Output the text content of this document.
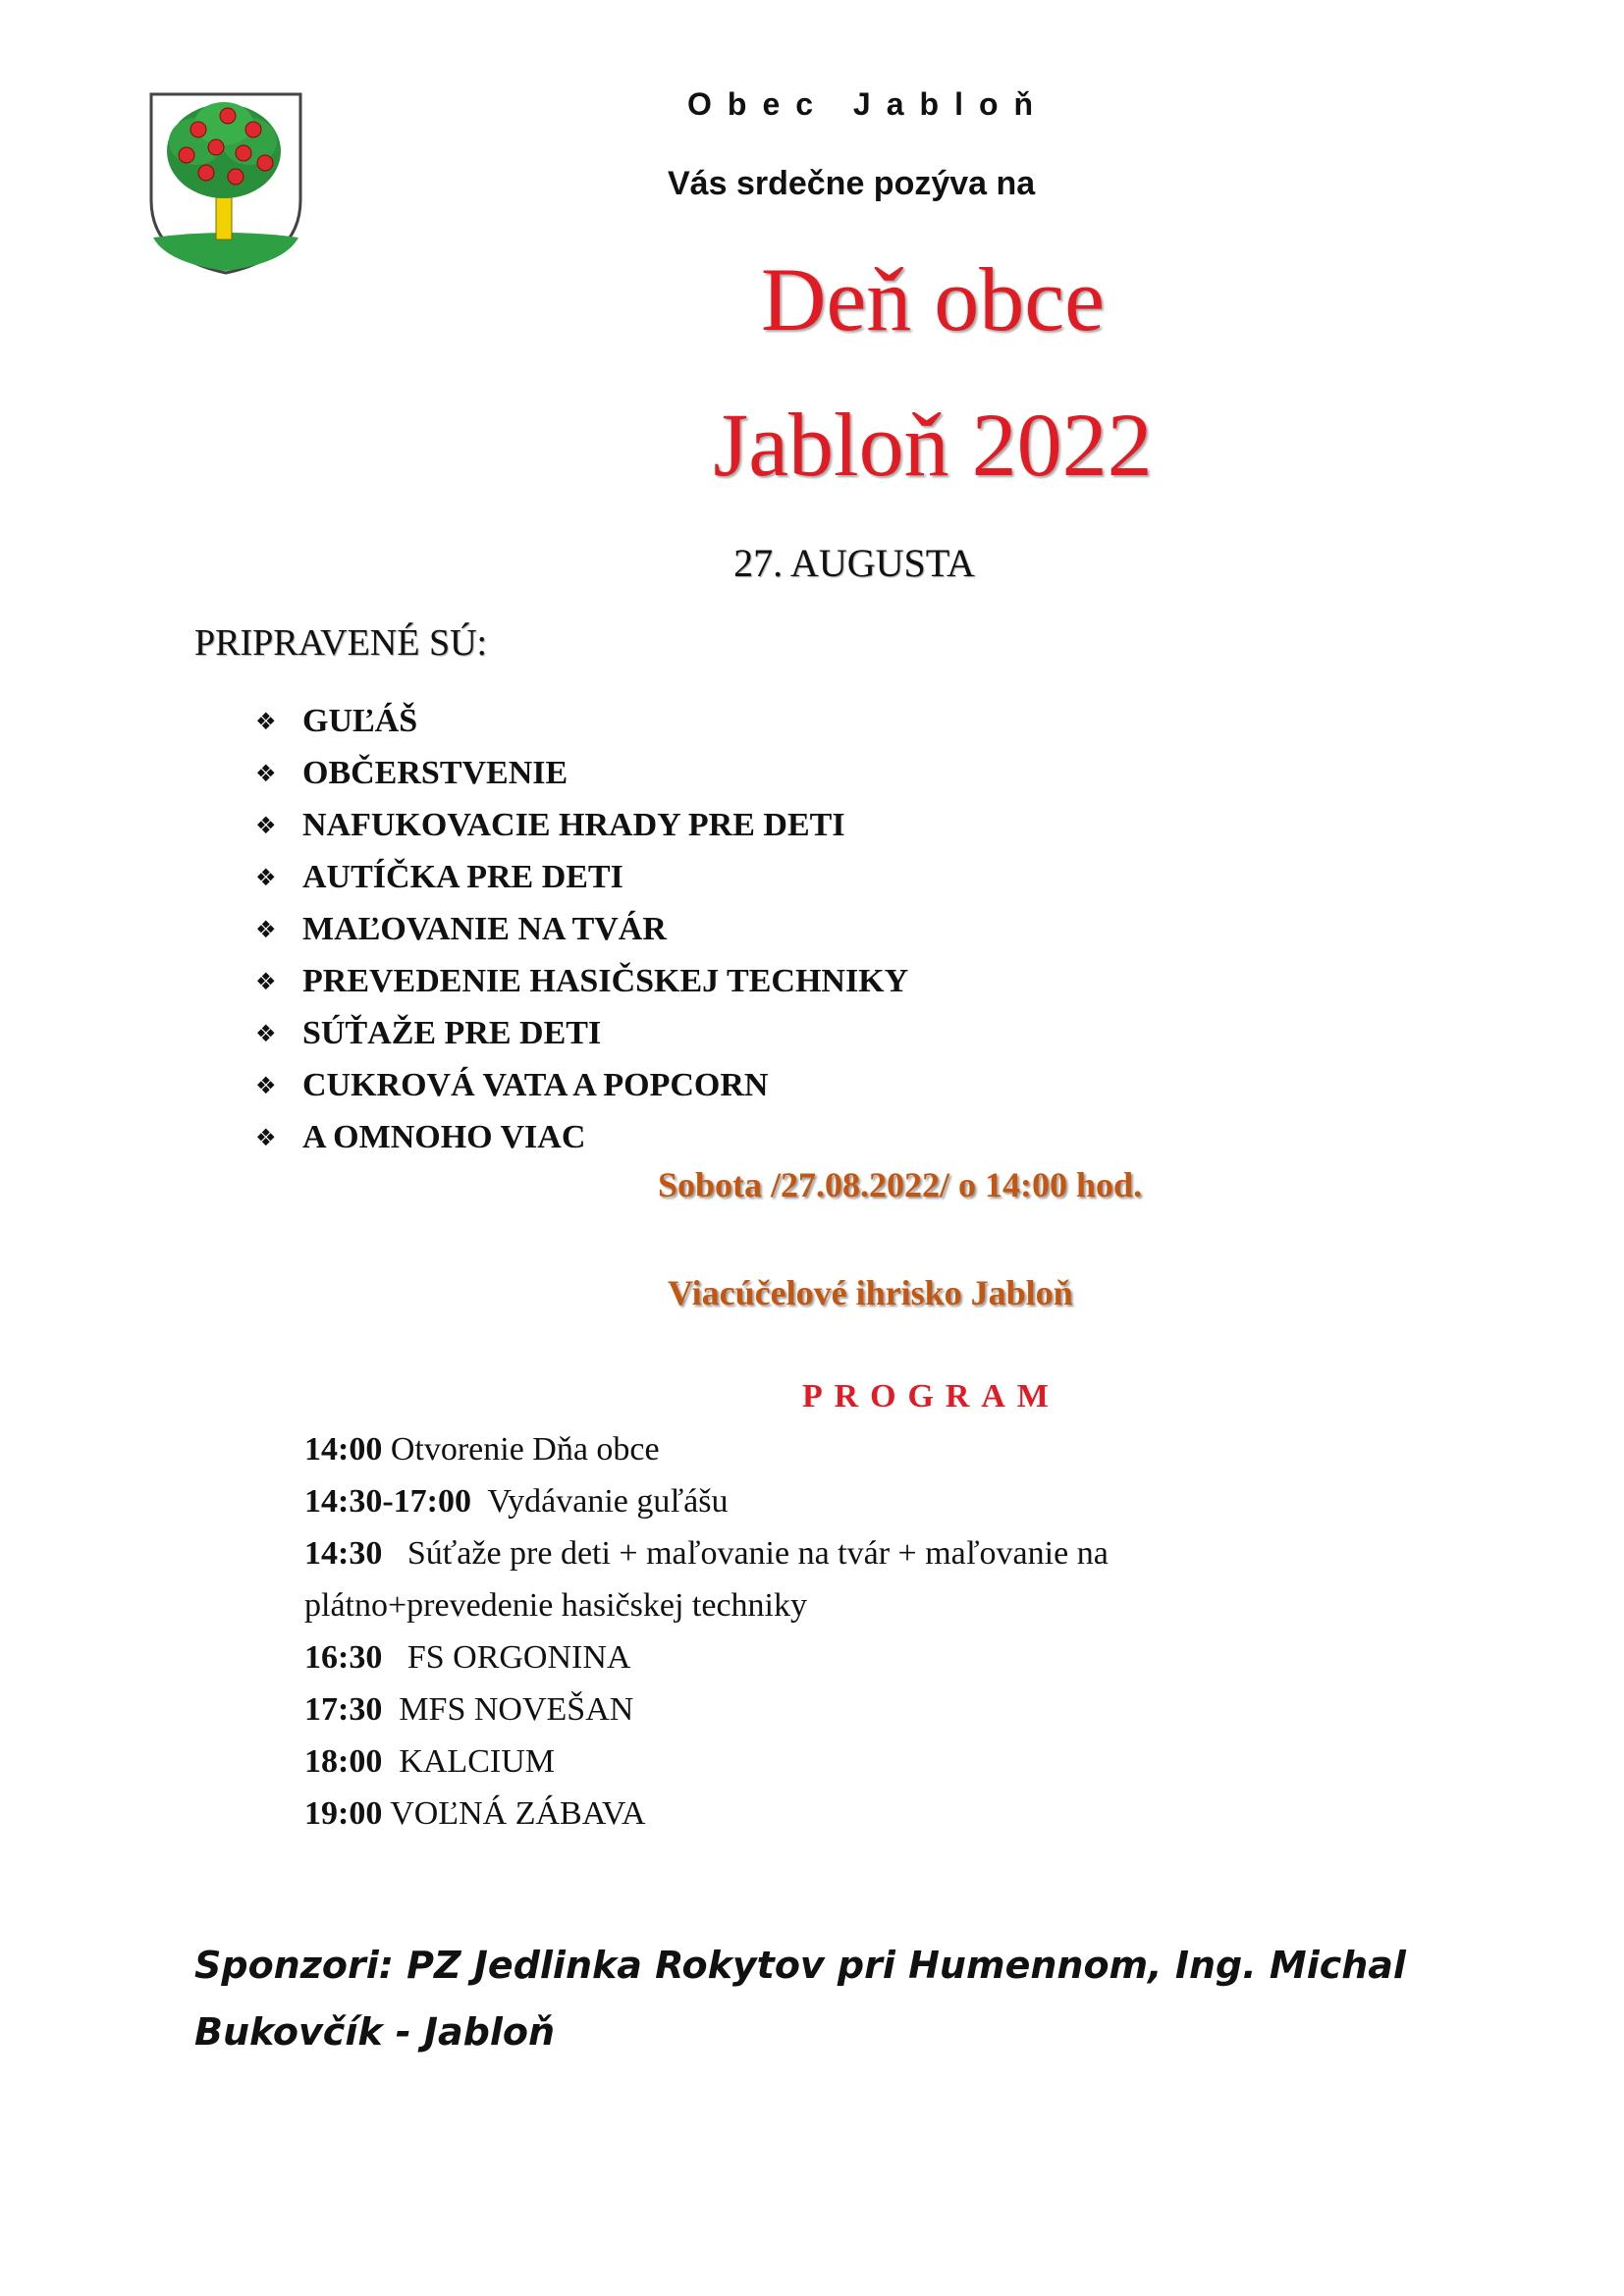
Obec Jabloň
Vás srdečne pozýva na
Deň obce
Jabloň 2022
27. AUGUSTA
PRIPRAVENÉ SÚ:
❖ GUĽÁŠ
❖ OBČERSTVENIE
❖ NAFUKOVACIE HRADY PRE DETI
❖ AUTÍČKA PRE DETI
❖ MAĽOVANIE NA TVÁR
❖ PREVEDENIE HASIČSKEJ TECHNIKY
❖ SÚŤAŽE PRE DETI
❖ CUKROVÁ VATA A POPCORN
❖ A OMNOHO VIAC
Sobota /27.08.2022/ o 14:00 hod.
Viacúčelové ihrisko Jabloň
PROGRAM
14:00 Otvorenie Dňa obce
14:30-17:00  Vydávanie guľášu
14:30   Súťaže pre deti + maľovanie na tvár + maľovanie na
plátno+prevedenie hasičskej techniky
16:30   FS ORGONINA
17:30  MFS NOVEŠAN
18:00  KALCIUM
19:00 VOĽNÁ ZÁBAVA
Sponzori: PZ Jedlinka Rokytov pri Humennom, Ing. Michal Bukovčík - Jabloň
